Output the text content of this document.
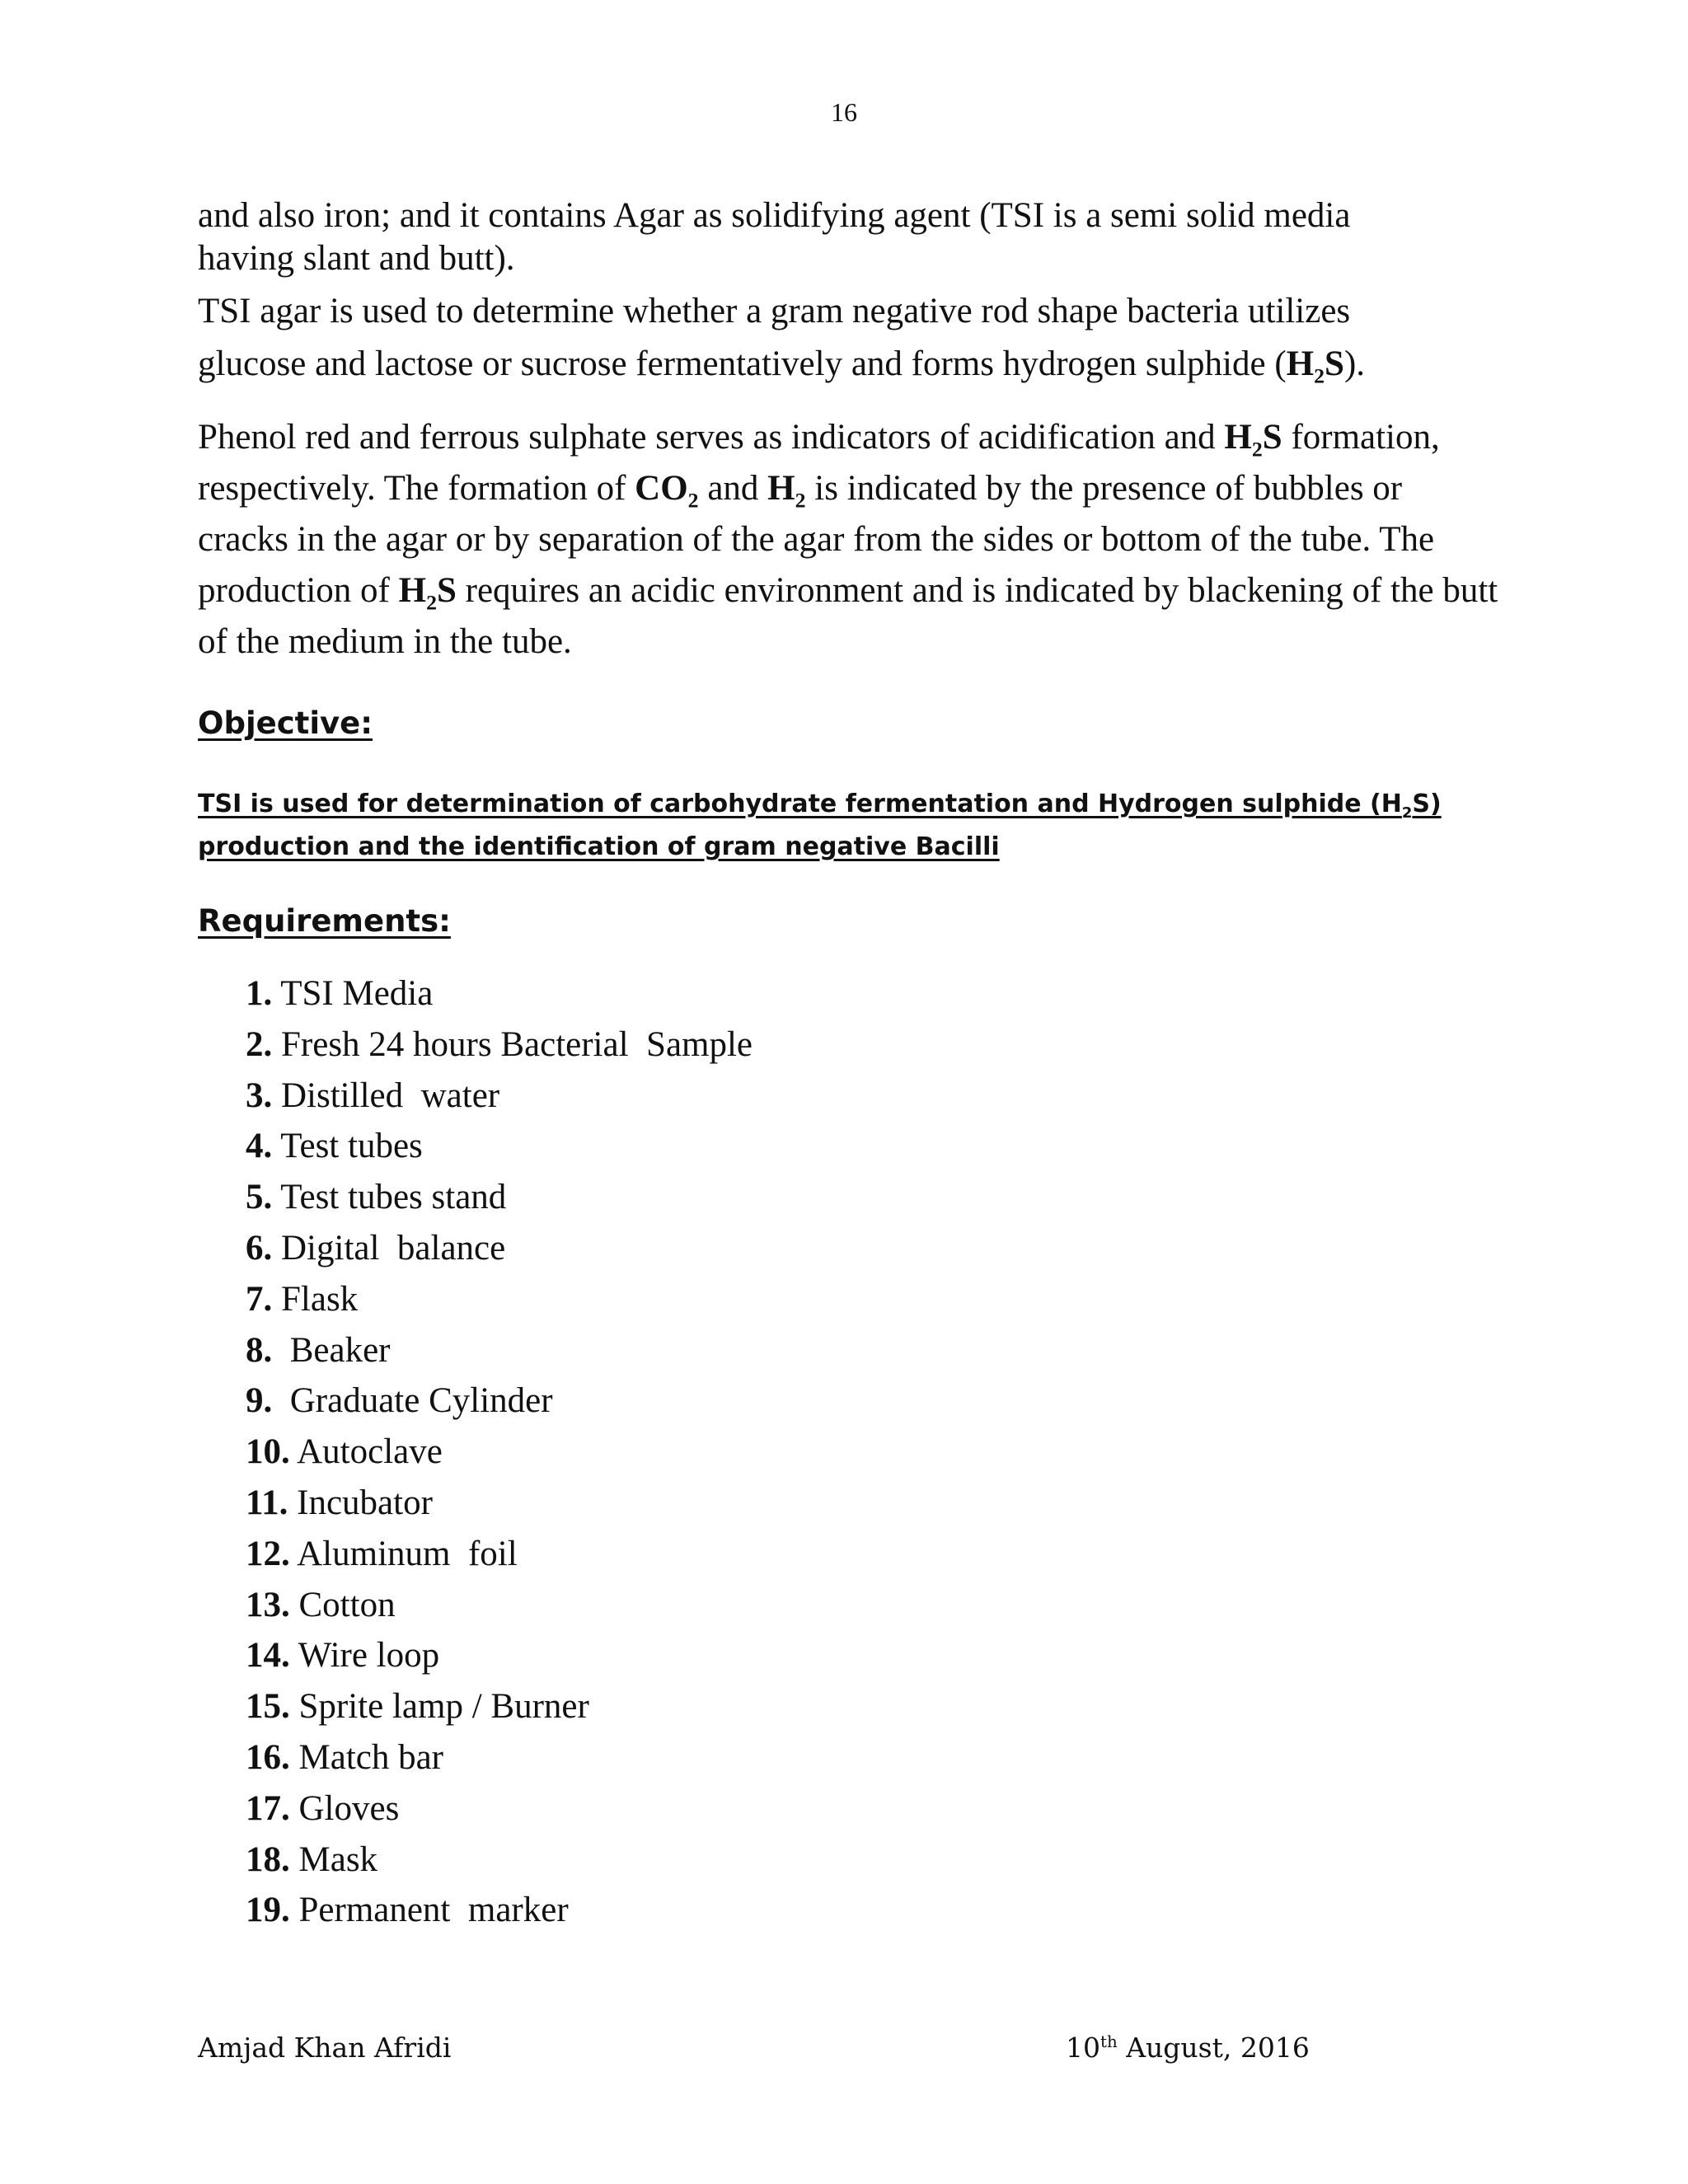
16

and also iron; and it contains Agar as solidifying agent (TSI is a semi solid media
having slant and butt).

TSI agar is used to determine whether a gram negative rod shape bacteria utilizes
glucose and lactose or sucrose fermentatively and forms hydrogen sulphide $(H_2S)$.

Phenol red and ferrous sulphate serves as indicators of acidification and $H_2S$ formation, respectively. The formation of $CO_2$ and $H_2$ is indicated by the presence of bubbles or cracks in the agar or by separation of the agar from the sides or bottom of the tube. The production of $H_2S$ requires an acidic environment and is indicated by blackening of the butt of the medium in the tube.

Objective:

TSI is used for determination of carbohydrate fermentation and Hydrogen sulphide $(H_2S)$ production and the identification of gram negative Bacilli

Requirements:
1. TSI Media
2. Fresh 24 hours Bacterial  Sample
3. Distilled  water
4. Test tubes
5. Test tubes stand
6. Digital  balance
7. Flask
8.  Beaker
9.  Graduate Cylinder
10. Autoclave
11. Incubator
12. Aluminum  foil
13. Cotton
14. Wire loop
15. Sprite lamp / Burner
16. Match bar
17. Gloves
18. Mask
19. Permanent  marker
Amjad Khan Afridi	10th August, 2016
